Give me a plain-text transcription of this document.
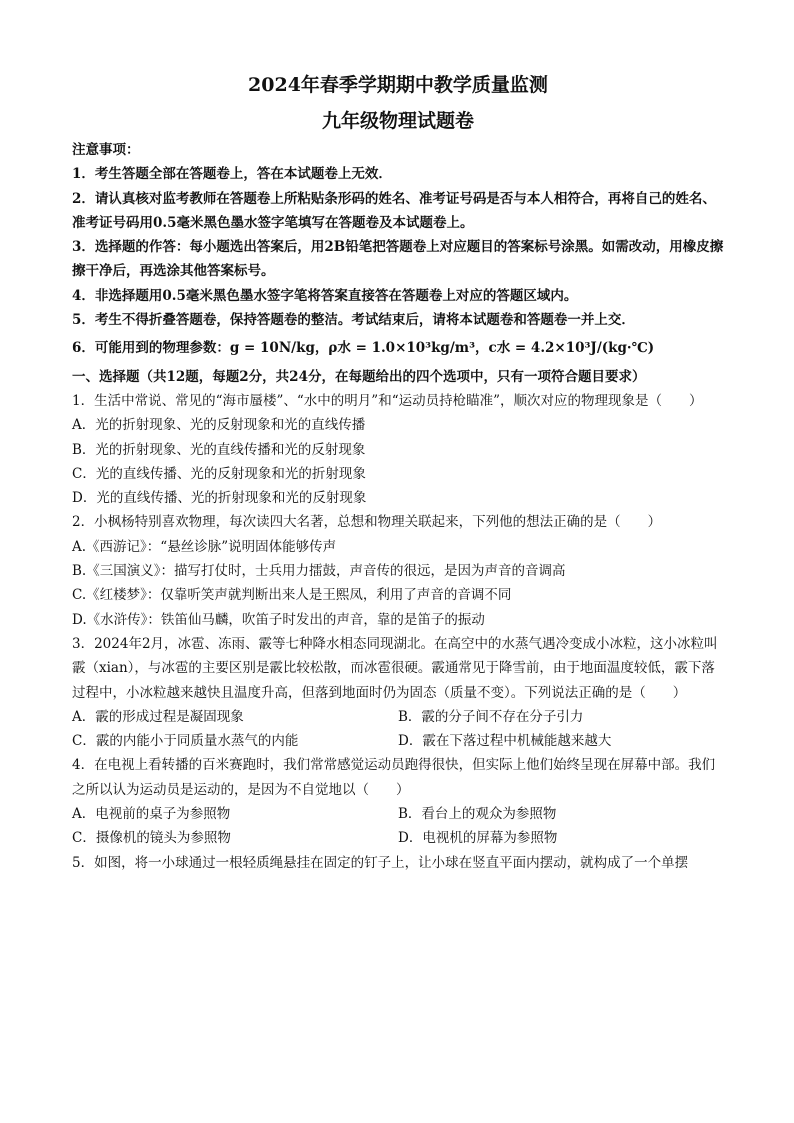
2024年春季学期期中教学质量监测
九年级物理试题卷

注意事项：

1．考生答题全部在答题卷上，答在本试题卷上无效．

2．请认真核对监考教师在答题卷上所粘贴条形码的姓名、准考证号码是否与本人相符合，再将自己的姓名、准考证号码用0.5毫米黑色墨水签字笔填写在答题卷及本试题卷上。

3．选择题的作答：每小题选出答案后，用2B铅笔把答题卷上对应题目的答案标号涂黑。如需改动，用橡皮擦擦干净后，再选涂其他答案标号。

4．非选择题用0.5毫米黑色墨水签字笔将答案直接答在答题卷上对应的答题区域内。

5．考生不得折叠答题卷，保持答题卷的整洁。考试结束后，请将本试题卷和答题卷一并上交．

6．可能用到的物理参数：g = 10N/kg，ρ水 = 1.0×10³kg/m³，c水 = 4.2×10³J/(kg·℃)

一、选择题（共12题，每题2分，共24分，在每题给出的四个选项中，只有一项符合题目要求）

1．生活中常说、常见的“海市蜃楼”、“水中的明月”和“运动员持枪瞄准”，顺次对应的物理现象是（　　）

A．光的折射现象、光的反射现象和光的直线传播

B．光的折射现象、光的直线传播和光的反射现象

C．光的直线传播、光的反射现象和光的折射现象

D．光的直线传播、光的折射现象和光的反射现象

2．小枫杨特别喜欢物理，每次读四大名著，总想和物理关联起来，下列他的想法正确的是（　　）

A.《西游记》：“悬丝诊脉”说明固体能够传声

B.《三国演义》：描写打仗时，士兵用力擂鼓，声音传的很远，是因为声音的音调高

C.《红楼梦》：仅靠听笑声就判断出来人是王熙凤，利用了声音的音调不同

D.《水浒传》：铁笛仙马麟，吹笛子时发出的声音，靠的是笛子的振动

3．2024年2月，冰雹、冻雨、霰等七种降水相态同现湖北。在高空中的水蒸气遇冷变成小冰粒，这小冰粒叫霰（xian），与冰雹的主要区别是霰比较松散，而冰雹很硬。霰通常见于降雪前，由于地面温度较低，霰下落过程中，小冰粒越来越快且温度升高，但落到地面时仍为固态（质量不变）。下列说法正确的是（　　）

A．霰的形成过程是凝固现象	B．霰的分子间不存在分子引力
C．霰的内能小于同质量水蒸气的内能	D．霰在下落过程中机械能越来越大

4．在电视上看转播的百米赛跑时，我们常常感觉运动员跑得很快，但实际上他们始终呈现在屏幕中部。我们之所以认为运动员是运动的，是因为不自觉地以（　　）

A．电视前的桌子为参照物	B．看台上的观众为参照物
C．摄像机的镜头为参照物	D．电视机的屏幕为参照物

5．如图，将一小球通过一根轻质绳悬挂在固定的钉子上，让小球在竖直平面内摆动，就构成了一个单摆
